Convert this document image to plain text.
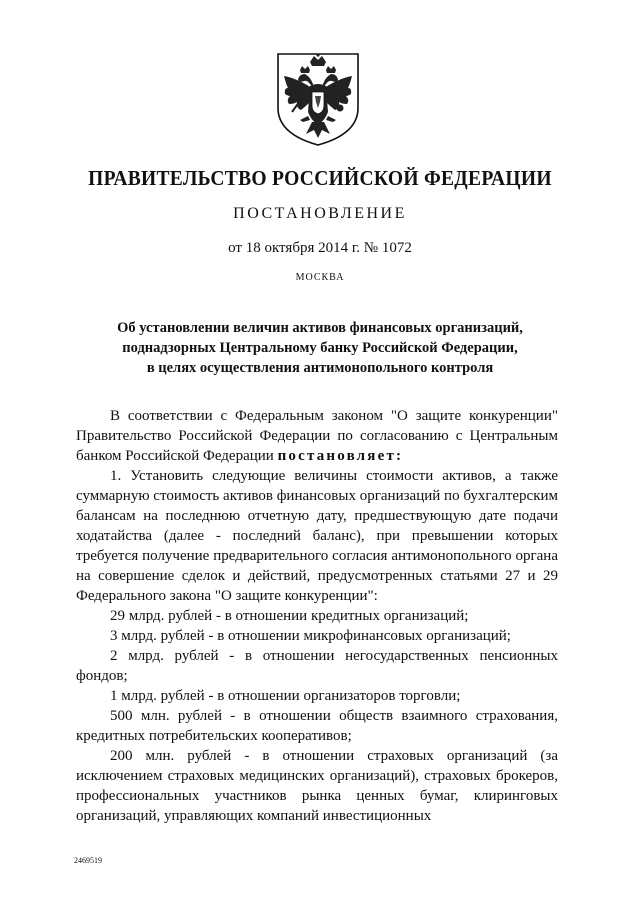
ПРАВИТЕЛЬСТВО РОССИЙСКОЙ ФЕДЕРАЦИИ
ПОСТАНОВЛЕНИЕ
от 18 октября 2014 г. № 1072
МОСКВА
Об установлении величин активов финансовых организаций,
поднадзорных Центральному банку Российской Федерации,
в целях осуществления антимонопольного контроля

В соответствии с Федеральным законом "О защите конкуренции" Правительство Российской Федерации по согласованию с Центральным банком Российской Федерации постановляет:

1. Установить следующие величины стоимости активов, а также суммарную стоимость активов финансовых организаций по бухгалтерским балансам на последнюю отчетную дату, предшествующую дате подачи ходатайства (далее - последний баланс), при превышении которых требуется получение предварительного согласия антимонопольного органа на совершение сделок и действий, предусмотренных статьями 27 и 29 Федерального закона "О защите конкуренции":

29 млрд. рублей - в отношении кредитных организаций;

3 млрд. рублей - в отношении микрофинансовых организаций;

2 млрд. рублей - в отношении негосударственных пенсионных фондов;

1 млрд. рублей - в отношении организаторов торговли;

500 млн. рублей - в отношении обществ взаимного страхования, кредитных потребительских кооперативов;

200 млн. рублей - в отношении страховых организаций (за исключением страховых медицинских организаций), страховых брокеров, профессиональных участников рынка ценных бумаг, клиринговых организаций, управляющих компаний инвестиционных

2469519
